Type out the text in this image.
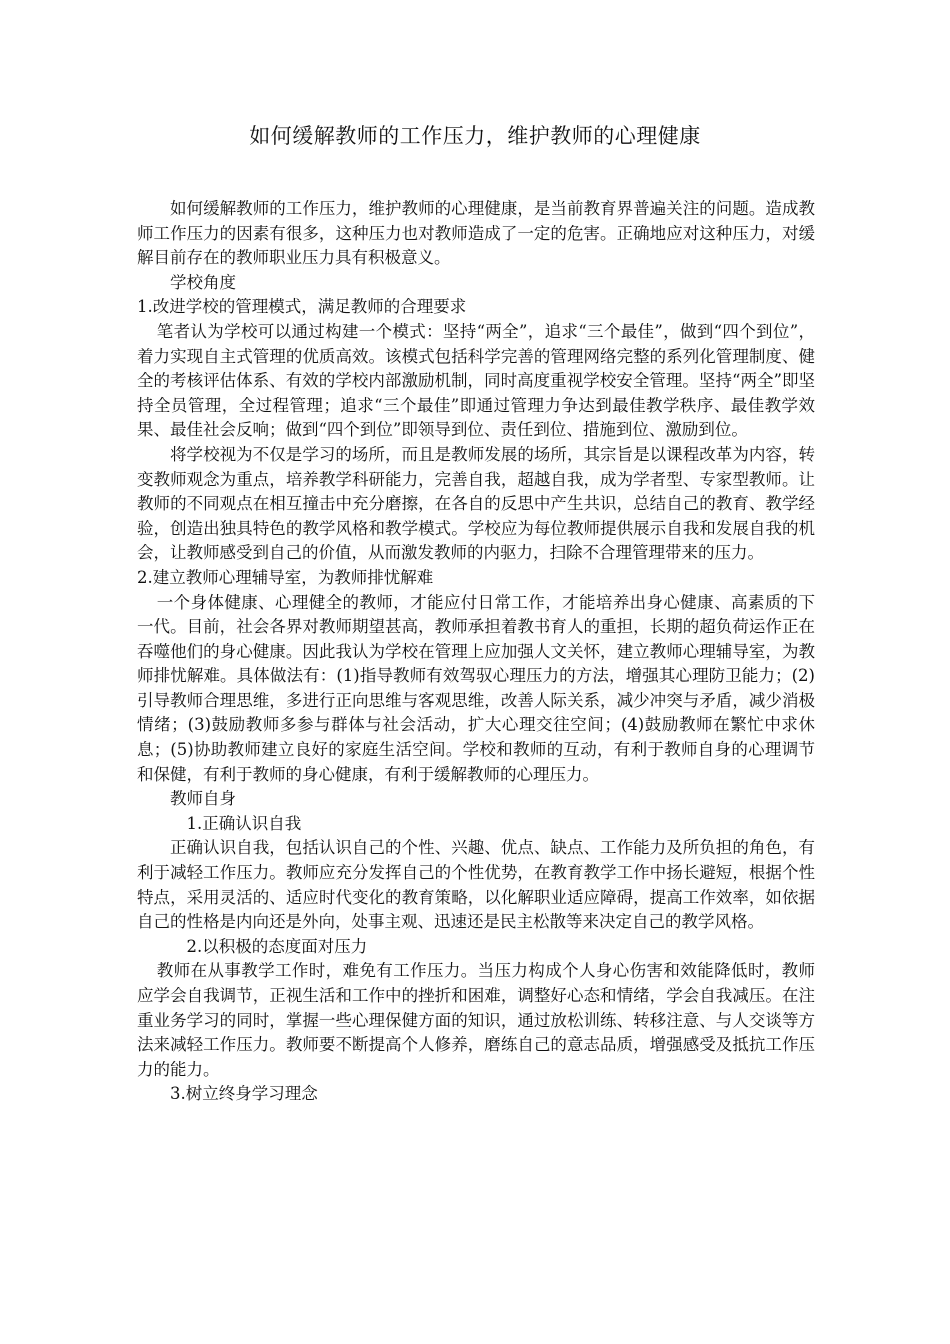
如何缓解教师的工作压力，维护教师的心理健康

如何缓解教师的工作压力，维护教师的心理健康，是当前教育界普遍关注的问题。造成教师工作压力的因素有很多，这种压力也对教师造成了一定的危害。正确地应对这种压力，对缓解目前存在的教师职业压力具有积极意义。

学校角度

1.改进学校的管理模式，满足教师的合理要求

笔者认为学校可以通过构建一个模式：坚持“两全”，追求“三个最佳”，做到“四个到位”，着力实现自主式管理的优质高效。该模式包括科学完善的管理网络完整的系列化管理制度、健全的考核评估体系、有效的学校内部激励机制，同时高度重视学校安全管理。坚持“两全”即坚持全员管理，全过程管理；追求“三个最佳”即通过管理力争达到最佳教学秩序、最佳教学效果、最佳社会反响；做到“四个到位”即领导到位、责任到位、措施到位、激励到位。

将学校视为不仅是学习的场所，而且是教师发展的场所，其宗旨是以课程改革为内容，转变教师观念为重点，培养教学科研能力，完善自我，超越自我，成为学者型、专家型教师。让教师的不同观点在相互撞击中充分磨擦，在各自的反思中产生共识，总结自己的教育、教学经验，创造出独具特色的教学风格和教学模式。学校应为每位教师提供展示自我和发展自我的机会，让教师感受到自己的价值，从而激发教师的内驱力，扫除不合理管理带来的压力。

2.建立教师心理辅导室，为教师排忧解难

一个身体健康、心理健全的教师，才能应付日常工作，才能培养出身心健康、高素质的下一代。目前，社会各界对教师期望甚高，教师承担着教书育人的重担，长期的超负荷运作正在吞噬他们的身心健康。因此我认为学校在管理上应加强人文关怀，建立教师心理辅导室，为教师排忧解难。具体做法有：(1)指导教师有效驾驭心理压力的方法，增强其心理防卫能力；(2)引导教师合理思维，多进行正向思维与客观思维，改善人际关系，减少冲突与矛盾，减少消极情绪；(3)鼓励教师多参与群体与社会活动，扩大心理交往空间；(4)鼓励教师在繁忙中求休息；(5)协助教师建立良好的家庭生活空间。学校和教师的互动，有利于教师自身的心理调节和保健，有利于教师的身心健康，有利于缓解教师的心理压力。

教师自身

1.正确认识自我

正确认识自我，包括认识自己的个性、兴趣、优点、缺点、工作能力及所负担的角色，有利于减轻工作压力。教师应充分发挥自己的个性优势，在教育教学工作中扬长避短，根据个性特点，采用灵活的、适应时代变化的教育策略，以化解职业适应障碍，提高工作效率，如依据自己的性格是内向还是外向，处事主观、迅速还是民主松散等来决定自己的教学风格。

2.以积极的态度面对压力

教师在从事教学工作时，难免有工作压力。当压力构成个人身心伤害和效能降低时，教师应学会自我调节，正视生活和工作中的挫折和困难，调整好心态和情绪，学会自我减压。在注重业务学习的同时，掌握一些心理保健方面的知识，通过放松训练、转移注意、与人交谈等方法来减轻工作压力。教师要不断提高个人修养，磨练自己的意志品质，增强感受及抵抗工作压力的能力。

3.树立终身学习理念
